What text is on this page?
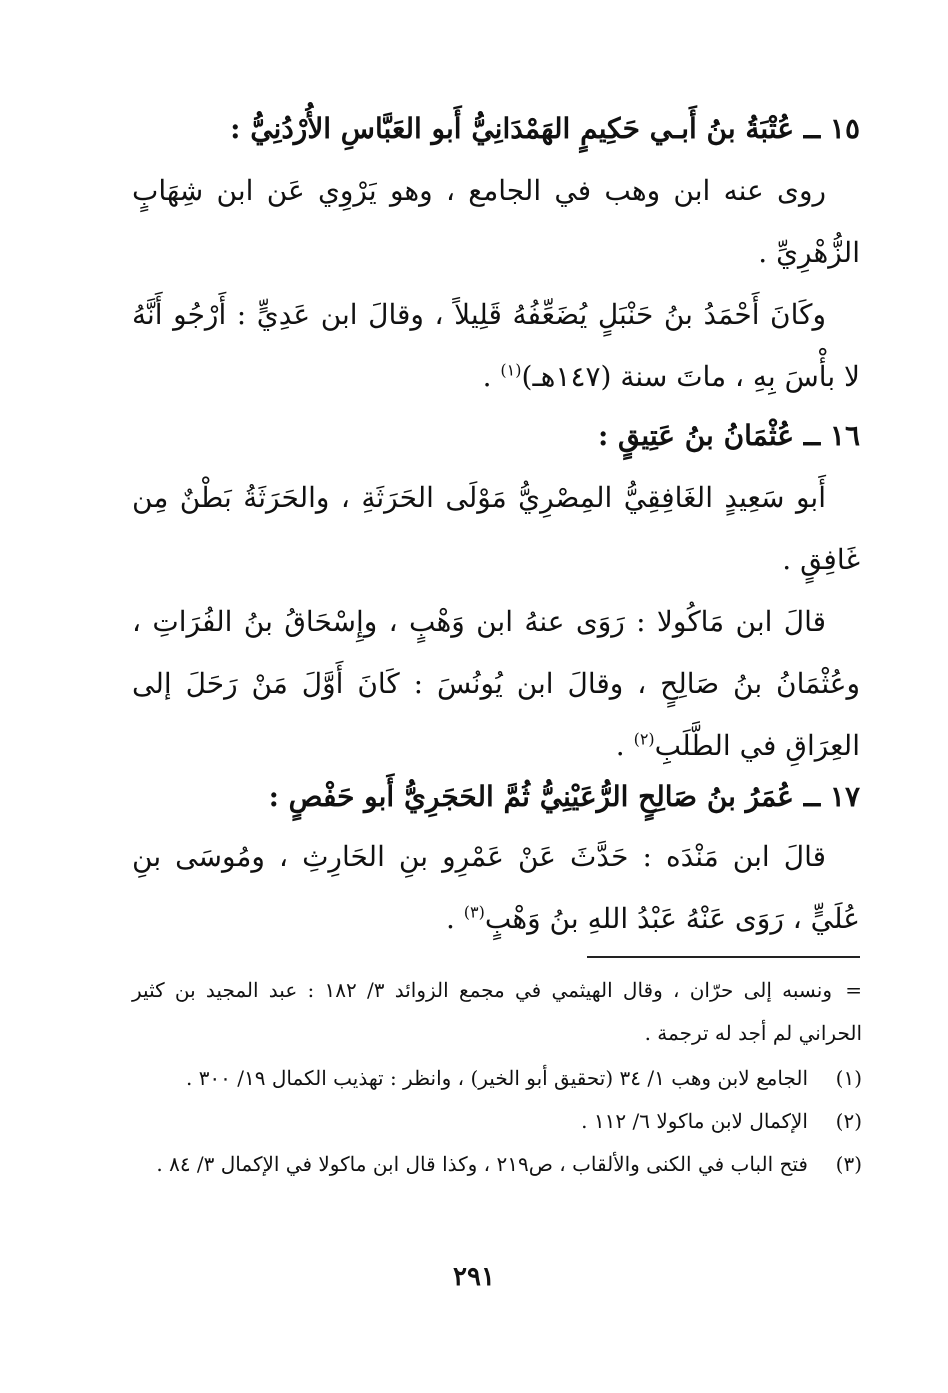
١٥ ــ عُتْبَةُ بنُ أَبـي حَكِيمٍ الهَمْدَانِيُّ أَبو العَبَّاسِ الأُرْدُنِيُّ :

روى عنه ابن وهب في الجامع ، وهو يَرْوِي عَن ابن شِهَابٍ الزُّهْرِيِّ .

وكَانَ أَحْمَدُ بنُ حَنْبَلٍ يُضَعِّفُهُ قَلِيلاً ، وقالَ ابن عَدِيٍّ : أَرْجُو أَنَّهُ لا بأْسَ بِهِ ، ماتَ سنة (١٤٧هـ)$^{(١)}$ .

١٦ ــ عُثْمَانُ بنُ عَتِيقٍ :

أَبو سَعِيدٍ الغَافِقِيُّ المِصْرِيُّ مَوْلَى الحَرَثَةِ ، والحَرَثَةُ بَطْنٌ مِن غَافِقٍ .

قالَ ابن مَاكُولا : رَوَى عنهُ ابن وَهْبٍ ، وإِسْحَاقُ بنُ الفُرَاتِ ، وعُثْمَانُ بنُ صَالِحٍ ، وقالَ ابن يُونُسَ : كَانَ أَوَّلَ مَنْ رَحَلَ إلى العِرَاقِ في الطَّلَبِ$^{(٢)}$ .

١٧ ــ عُمَرُ بنُ صَالِحٍ الرُّعَيْنِيُّ ثُمَّ الحَجَرِيُّ أَبو حَفْصٍ :

قالَ ابن مَنْدَه : حَدَّثَ عَنْ عَمْرِو بنِ الحَارِثِ ، ومُوسَى بنِ عُلَيٍّ ، رَوَى عَنْهُ عَبْدُ اللهِ بنُ وَهْبٍ$^{(٣)}$ .

=ونسبه إلى حرّان ، وقال الهيثمي في مجمع الزوائد ٣/ ١٨٢ : عبد المجيد بن كثير الحراني لم أجد له ترجمة .

(١)الجامع لابن وهب ١/ ٣٤ (تحقيق أبو الخير) ، وانظر : تهذيب الكمال ١٩/ ٣٠٠ .

(٢)الإكمال لابن ماكولا ٦/ ١١٢ .

(٣)فتح الباب في الكنى والألقاب ، ص٢١٩ ، وكذا قال ابن ماكولا في الإكمال ٣/ ٨٤ .

٢٩١
